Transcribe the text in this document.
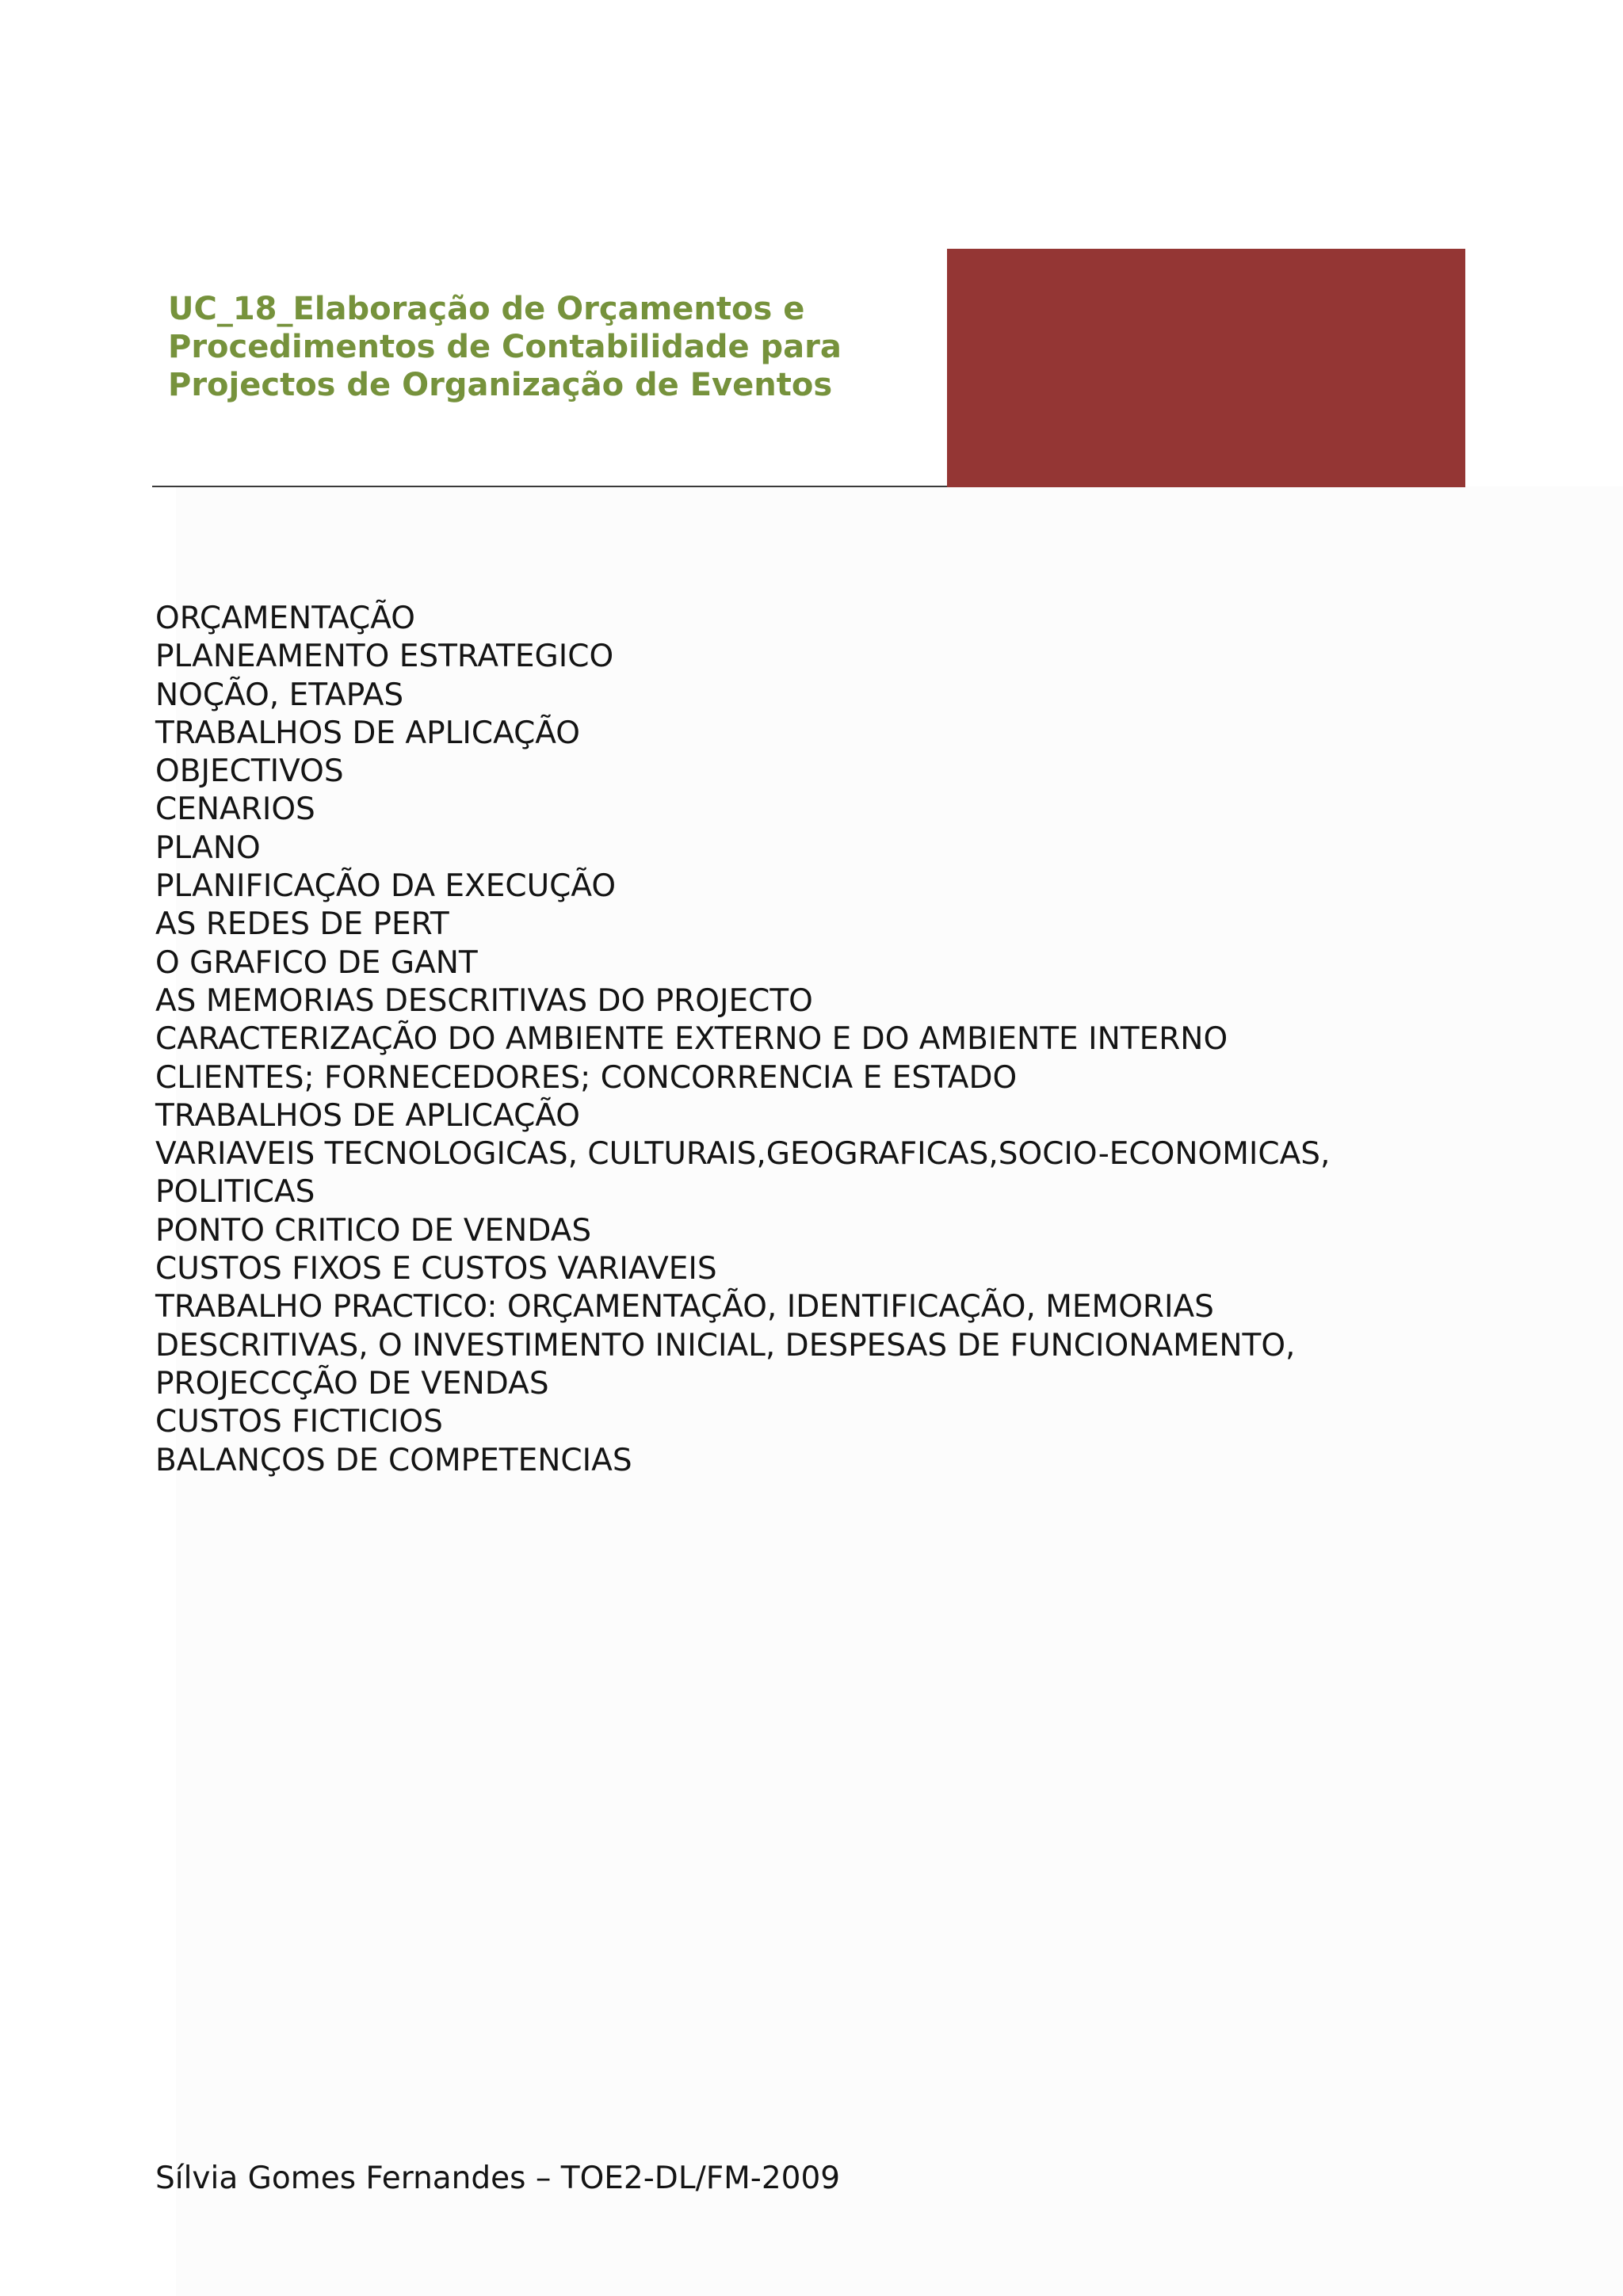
UC_18_Elaboração de Orçamentos e
Procedimentos de Contabilidade para
Projectos de Organização de Eventos
ORÇAMENTAÇÃO
PLANEAMENTO ESTRATEGICO
NOÇÃO, ETAPAS
TRABALHOS DE APLICAÇÃO
OBJECTIVOS
CENARIOS
PLANO
PLANIFICAÇÃO DA EXECUÇÃO
AS REDES DE PERT
O GRAFICO DE GANT
AS MEMORIAS DESCRITIVAS DO PROJECTO
CARACTERIZAÇÃO DO AMBIENTE EXTERNO E DO AMBIENTE INTERNO
CLIENTES; FORNECEDORES; CONCORRENCIA E ESTADO
TRABALHOS DE APLICAÇÃO
VARIAVEIS TECNOLOGICAS, CULTURAIS,GEOGRAFICAS,SOCIO-ECONOMICAS,
POLITICAS
PONTO CRITICO DE VENDAS
CUSTOS FIXOS E CUSTOS VARIAVEIS
TRABALHO PRACTICO: ORÇAMENTAÇÃO, IDENTIFICAÇÃO, MEMORIAS
DESCRITIVAS, O INVESTIMENTO INICIAL, DESPESAS DE FUNCIONAMENTO,
PROJECCÇÃO DE VENDAS
CUSTOS FICTICIOS
BALANÇOS DE COMPETENCIAS

Sílvia Gomes Fernandes – TOE2-DL/FM-2009
